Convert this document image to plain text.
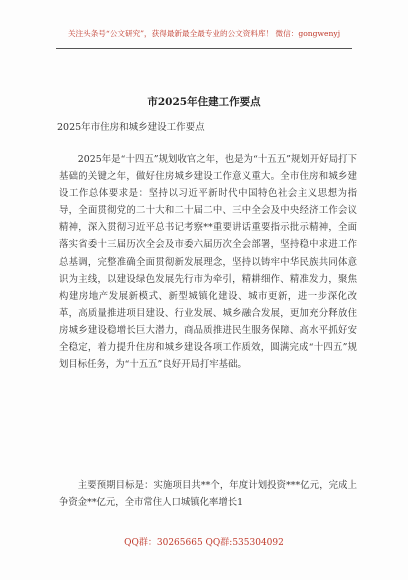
关注头条号“公文研究”，获得最新最全最专业的公文资料库！ 微信：gongwenyj
市2025年住建工作要点
2025年市住房和城乡建设工作要点

2025年是“十四五”规划收官之年，也是为“十五五”规划开好局打下基础的关键之年，做好住房城乡建设工作意义重大。全市住房和城乡建设工作总体要求是：坚持以习近平新时代中国特色社会主义思想为指导，全面贯彻党的二十大和二十届二中、三中全会及中央经济工作会议精神，深入贯彻习近平总书记考察**重要讲话重要指示批示精神，全面落实省委十三届历次全会及市委六届历次全会部署，坚持稳中求进工作总基调，完整准确全面贯彻新发展理念，坚持以铸牢中华民族共同体意识为主线，以建设绿色发展先行市为牵引，精耕细作、精准发力，聚焦构建房地产发展新模式、新型城镇化建设、城市更新，进一步深化改革，高质量推进项目建设、行业发展、城乡融合发展，更加充分释放住房城乡建设稳增长巨大潜力，商品质推进民生服务保障、高水平抓好安全稳定，着力提升住房和城乡建设各项工作质效，圆满完成“十四五”规划目标任务，为“十五五”良好开局打牢基础。

主要预期目标是：实施项目共**个，年度计划投资***亿元，完成上争资金**亿元，全市常住人口城镇化率增长1

QQ群：30265665 QQ群:535304092
